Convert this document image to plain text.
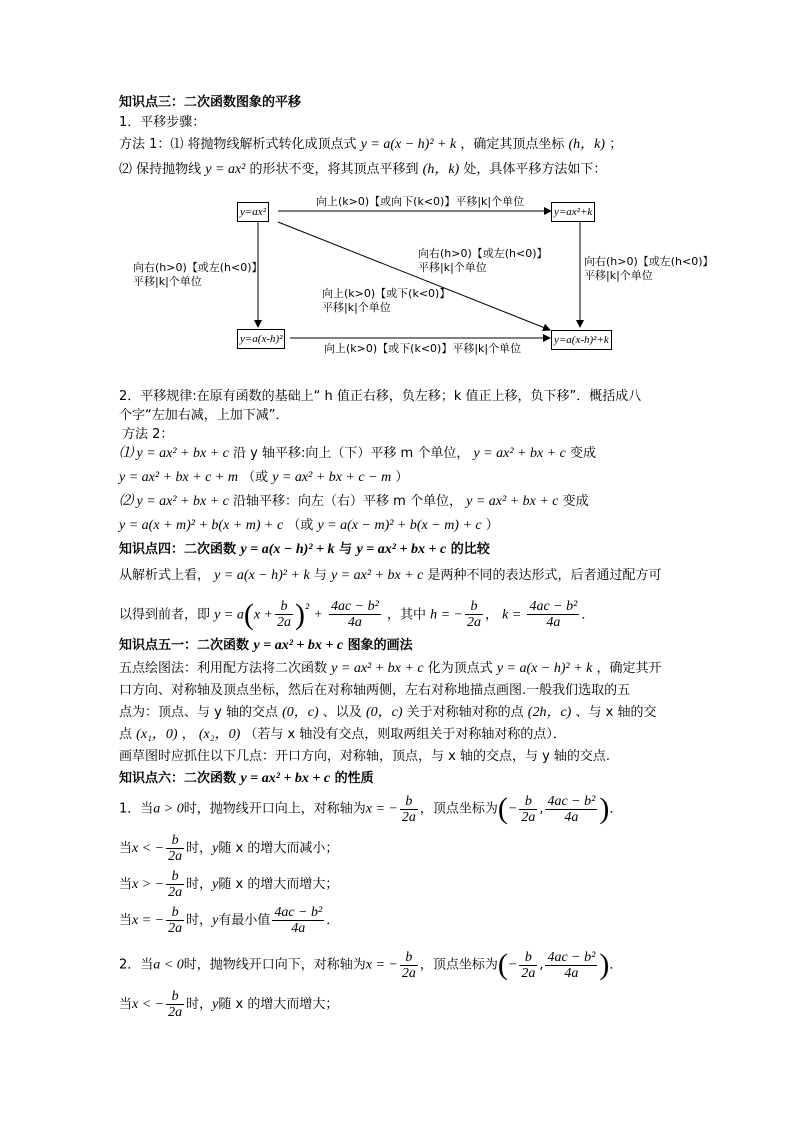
知识点三：二次函数图象的平移
1．平移步骤：
方法 1：⑴ 将抛物线解析式转化成顶点式 y = a(x − h)² + k ，确定其顶点坐标 (h，k) ；
⑵ 保持抛物线 y = ax² 的形状不变，将其顶点平移到 (h，k) 处，具体平移方法如下：
y=ax²	y=ax²+k
y=a(x-h)²	y=a(x-h)²+k
向上(k>0)【或向下(k<0)】平移|k|个单位
向上(k>0)【或下(k<0)】平移|k|个单位
向右(h>0)【或左(h<0)】
平移|k|个单位
向右(h>0)【或左(h<0)】
平移|k|个单位
向右(h>0)【或左(h<0)】
平移|k|个单位
向上(k>0)【或下(k<0)】
平移|k|个单位
2．平移规律:在原有函数的基础上“ h 值正右移，负左移；k 值正上移，负下移”．概括成八
个字“左加右减，上加下减”．
方法 2：
⑴ y = ax² + bx + c 沿 y 轴平移:向上（下）平移 m 个单位， y = ax² + bx + c 变成
y = ax² + bx + c + m （或 y = ax² + bx + c − m ）
⑵ y = ax² + bx + c 沿轴平移：向左（右）平移 m 个单位， y = ax² + bx + c 变成
y = a(x + m)² + b(x + m) + c （或 y = a(x − m)² + b(x − m) + c ）
知识点四：二次函数 y = a(x − h)² + k 与 y = ax² + bx + c 的比较
从解析式上看， y = a(x − h)² + k 与 y = ax² + bx + c 是两种不同的表达形式，后者通过配方可
以得到前者，即 $y = a(x + \frac{b}{2a} )^{^2} + \frac{\text{4ac − b²}}{4a}$ ，其中 h = − $\frac{b}{2a}$ ， $k = \frac{\text{4ac − b²}}{4a}$ ．
知识点五一：二次函数 y = ax² + bx + c 图象的画法
五点绘图法：利用配方法将二次函数 y = ax² + bx + c 化为顶点式 y = a(x − h)² + k ，确定其开
口方向、对称轴及顶点坐标，然后在对称轴两侧，左右对称地描点画图.一般我们选取的五
点为：顶点、与 y 轴的交点 (0，c) 、以及 (0，c) 关于对称轴对称的点 (2h，c) 、与 x 轴的交
点 (x₁，0) ， (x₂，0) （若与 x 轴没有交点，则取两组关于对称轴对称的点）．
画草图时应抓住以下几点：开口方向，对称轴，顶点，与 x 轴的交点，与 y 轴的交点.
知识点六：二次函数 y = ax² + bx + c 的性质
1．当a > 0时，抛物线开口向上，对称轴为x = − $\frac{b}{2a}$ ，顶点坐标为(− $\frac{b}{2a}$ , $\frac{\text{4ac − b²}}{4a}$ )．
当x < − $\frac{b}{2a}$ 时，y随 x 的增大而减小；
当x > − $\frac{b}{2a}$ 时，y随 x 的增大而增大；
当x = − $\frac{b}{2a}$ 时，y有最小值 $\frac{\text{4ac − b²}}{4a}$ ．
2．当a < 0时，抛物线开口向下，对称轴为x = − $\frac{b}{2a}$ ，顶点坐标为(− $\frac{b}{2a}$ , $\frac{\text{4ac − b²}}{4a}$ )．
当x < − $\frac{b}{2a}$ 时，y随 x 的增大而增大；
